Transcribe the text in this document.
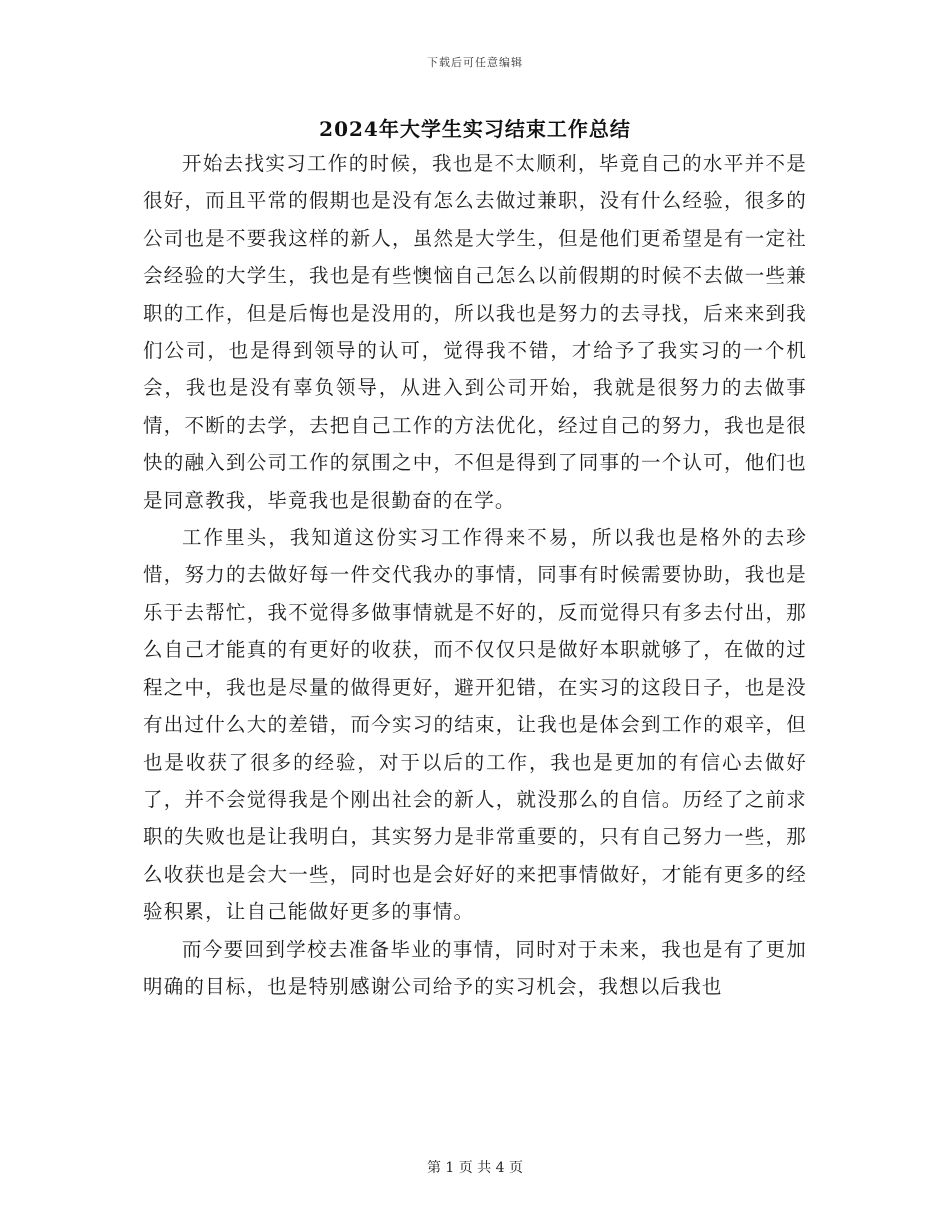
下载后可任意编辑
2024年大学生实习结束工作总结

开始去找实习工作的时候，我也是不太顺利，毕竟自己的水平并不是很好，而且平常的假期也是没有怎么去做过兼职，没有什么经验，很多的公司也是不要我这样的新人，虽然是大学生，但是他们更希望是有一定社会经验的大学生，我也是有些懊恼自己怎么以前假期的时候不去做一些兼职的工作，但是后悔也是没用的，所以我也是努力的去寻找，后来来到我们公司，也是得到领导的认可，觉得我不错，才给予了我实习的一个机会，我也是没有辜负领导，从进入到公司开始，我就是很努力的去做事情，不断的去学，去把自己工作的方法优化，经过自己的努力，我也是很快的融入到公司工作的氛围之中，不但是得到了同事的一个认可，他们也是同意教我，毕竟我也是很勤奋的在学。

工作里头，我知道这份实习工作得来不易，所以我也是格外的去珍惜，努力的去做好每一件交代我办的事情，同事有时候需要协助，我也是乐于去帮忙，我不觉得多做事情就是不好的，反而觉得只有多去付出，那么自己才能真的有更好的收获，而不仅仅只是做好本职就够了，在做的过程之中，我也是尽量的做得更好，避开犯错，在实习的这段日子，也是没有出过什么大的差错，而今实习的结束，让我也是体会到工作的艰辛，但也是收获了很多的经验，对于以后的工作，我也是更加的有信心去做好了，并不会觉得我是个刚出社会的新人，就没那么的自信。历经了之前求职的失败也是让我明白，其实努力是非常重要的，只有自己努力一些，那么收获也是会大一些，同时也是会好好的来把事情做好，才能有更多的经验积累，让自己能做好更多的事情。

而今要回到学校去准备毕业的事情，同时对于未来，我也是有了更加明确的目标，也是特别感谢公司给予的实习机会，我想以后我也

第 1 页 共 4 页
